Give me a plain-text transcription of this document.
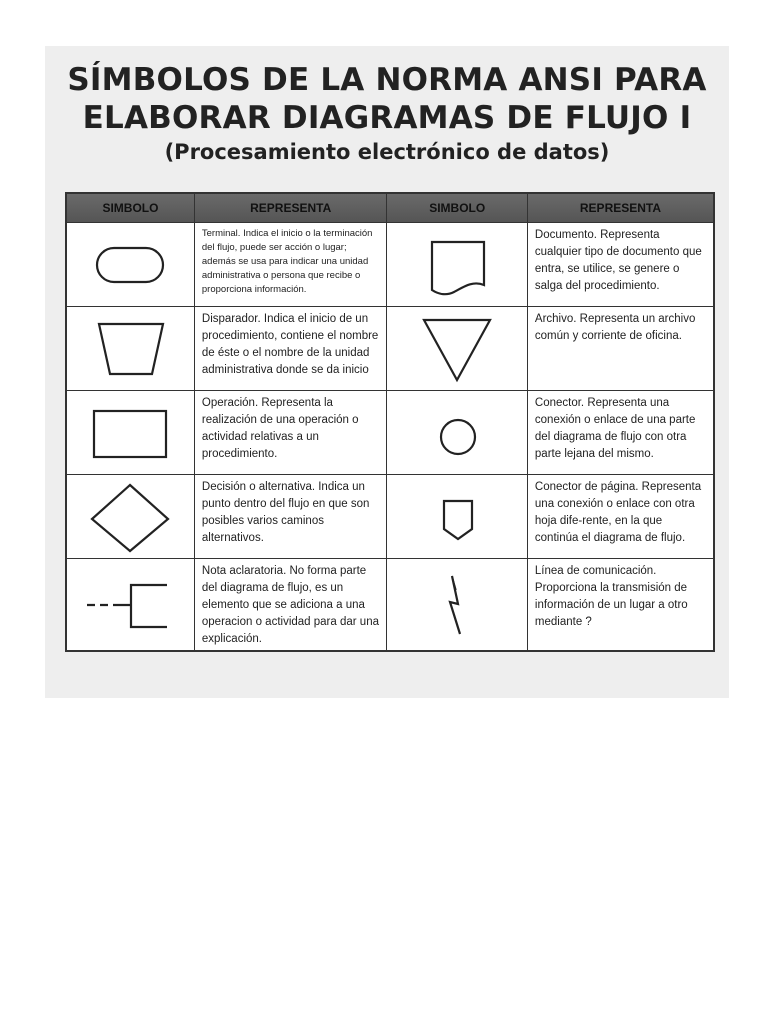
SÍMBOLOS DE LA NORMA ANSI PARA
ELABORAR DIAGRAMAS DE FLUJO I
(Procesamiento electrónico de datos)
SIMBOLO	REPRESENTA	SIMBOLO	REPRESENTA

	Terminal. Indica el inicio o la terminación del flujo, puede ser acción o lugar; además se usa para indicar una unidad administrativa o persona que recibe o proporciona información.		Documento. Representa cualquier tipo de documento que entra, se utilice, se genere o salga del procedimiento.

	Disparador. Indica el inicio de un procedimiento, contiene el nombre de éste o el nombre de la unidad administrativa donde se da inicio		Archivo. Representa un archivo común y corriente de oficina.

	Operación. Representa la realización de una operación o actividad relativas a un procedimiento.		Conector. Representa una conexión o enlace de una parte del diagrama de flujo con otra parte lejana del mismo.

	Decisión o alternativa. Indica un punto dentro del flujo en que son posibles varios caminos alternativos.		Conector de página. Representa una conexión o enlace con otra hoja dife-rente, en la que continúa el diagrama de flujo.

	Nota aclaratoria. No forma parte del diagrama de flujo, es un elemento que se adiciona a una operacion o actividad para dar una explicación.		Línea de comunicación. Proporciona la transmisión de información de un lugar a otro mediante ?
